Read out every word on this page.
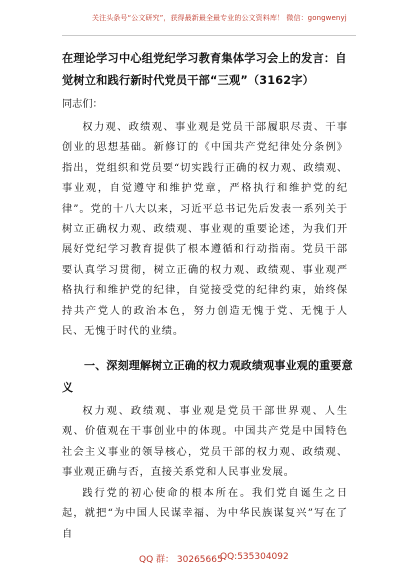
关注头条号“公文研究”，获得最新最全最专业的公文资料库！ 微信：gongwenyj
在理论学习中心组党纪学习教育集体学习会上的发言：自觉树立和践行新时代党员干部“三观”（3162字）
同志们：

权力观、政绩观、事业观是党员干部履职尽责、干事创业的思想基础。新修订的《中国共产党纪律处分条例》指出，党组织和党员要“切实践行正确的权力观、政绩观、事业观，自觉遵守和维护党章，严格执行和维护党的纪律”。党的十八大以来，习近平总书记先后发表一系列关于树立正确权力观、政绩观、事业观的重要论述，为我们开展好党纪学习教育提供了根本遵循和行动指南。党员干部要认真学习贯彻，树立正确的权力观、政绩观、事业观严格执行和维护党的纪律，自觉接受党的纪律约束，始终保持共产党人的政治本色，努力创造无愧于党、无愧于人民、无愧于时代的业绩。

一、深刻理解树立正确的权力观政绩观事业观的重要意义

权力观、政绩观、事业观是党员干部世界观、人生观、价值观在干事创业中的体现。中国共产党是中国特色社会主义事业的领导核心，党员干部的权力观、政绩观、事业观正确与否，直接关系党和人民事业发展。

践行党的初心使命的根本所在。我们党自诞生之日起，就把“为中国人民谋幸福、为中华民族谋复兴”写在了自

QQ 群： 30265665
QQ:535304092
